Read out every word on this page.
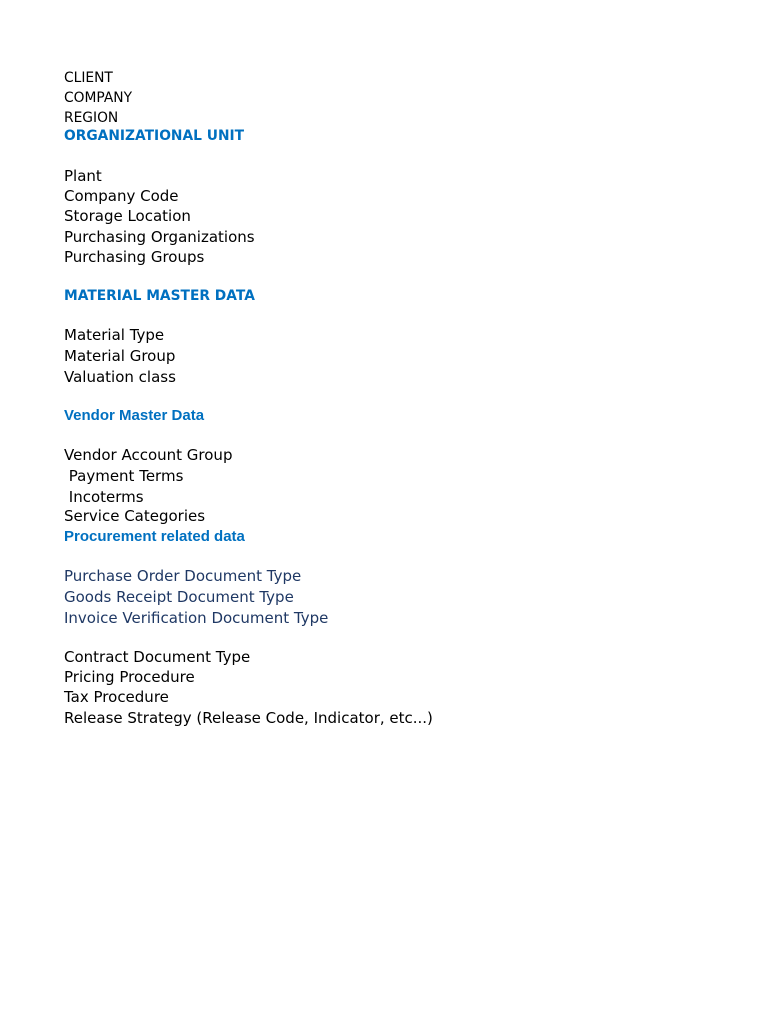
CLIENT
COMPANY
REGION
ORGANIZATIONAL UNIT
Plant
Company Code
Storage Location
Purchasing Organizations
Purchasing Groups
MATERIAL MASTER DATA
Material Type
Material Group
Valuation class
Vendor Master Data
Vendor Account Group
Payment Terms
Incoterms
Service Categories
Procurement related data
Purchase Order Document Type
Goods Receipt Document Type
Invoice Verification Document Type
Contract Document Type
Pricing Procedure
Tax Procedure
Release Strategy (Release Code, Indicator, etc...)
